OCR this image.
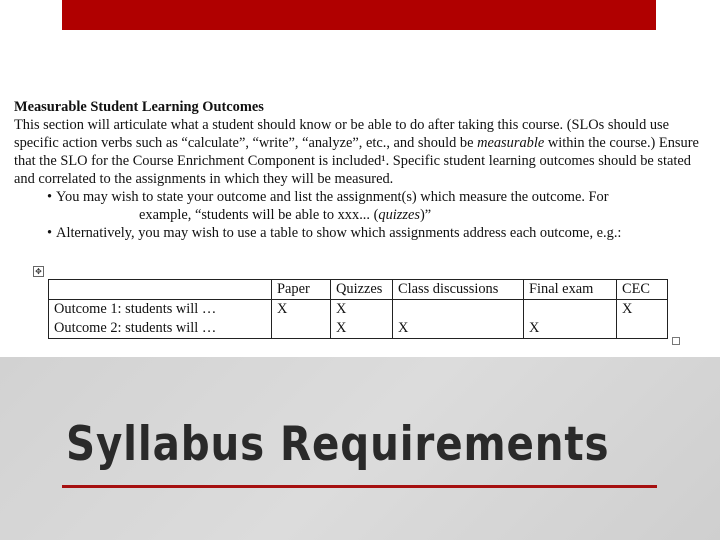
Measurable Student Learning Outcomes
This section will articulate what a student should know or be able to do after taking this course. (SLOs should use specific action verbs such as “calculate”, “write”, “analyze”, etc., and should be measurable within the course.) Ensure that the SLO for the Course Enrichment Component is included¹. Specific student learning outcomes should be stated and correlated to the assignments in which they will be measured.
• You may wish to state your outcome and list the assignment(s) which measure the outcome. For
example, “students will be able to xxx... (quizzes)”
• Alternatively, you may wish to use a table to show which assignments address each outcome, e.g.:
✥
	Paper	Quizzes	Class discussions	Final exam	CEC
Outcome 1: students will …	X	X			X
Outcome 2: students will …		X	X	X	
Syllabus Requirements
